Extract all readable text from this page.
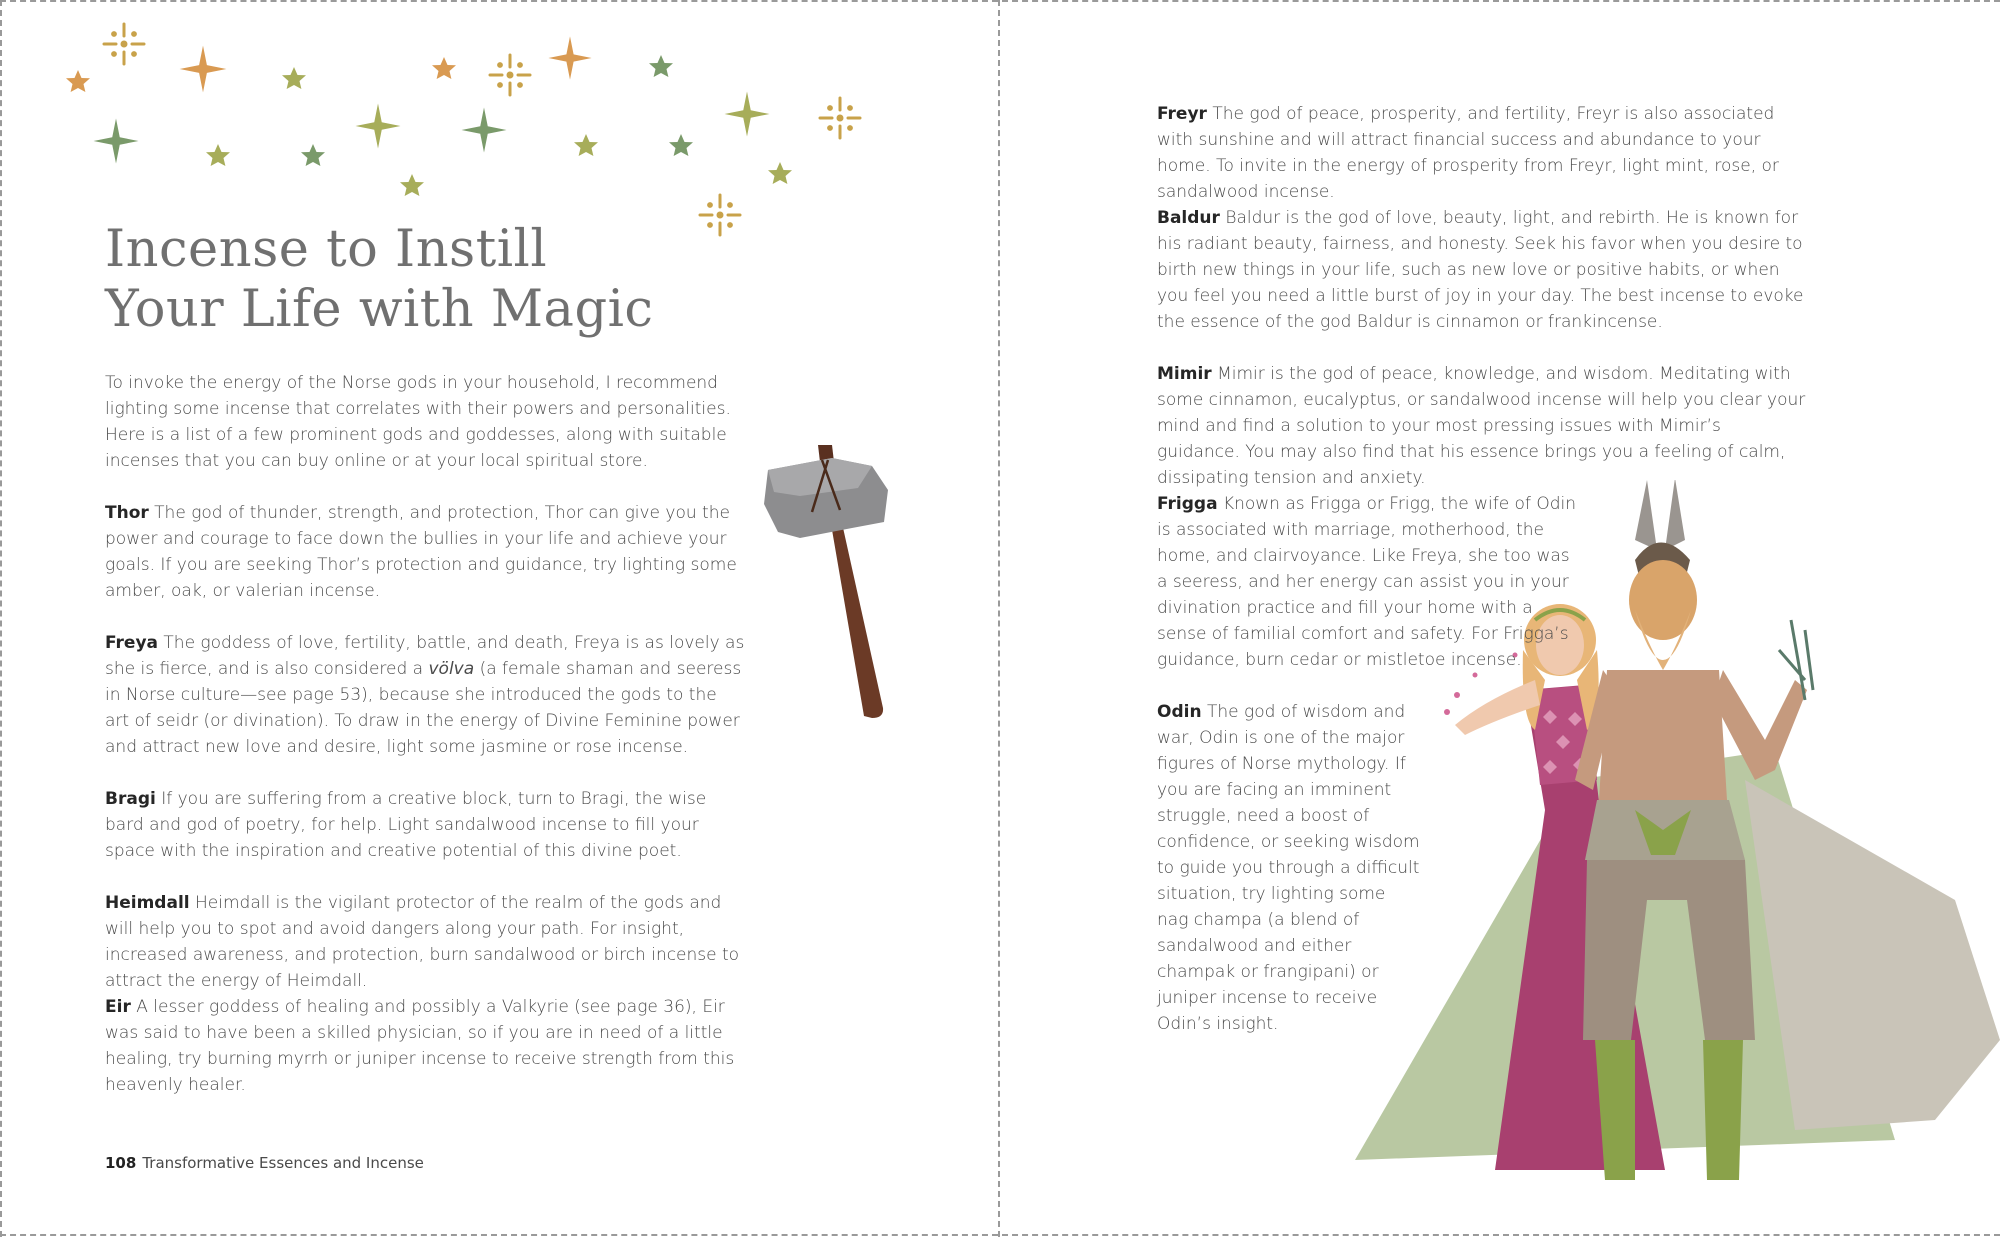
Incense to Instill
Your Life with Magic

To invoke the energy of the Norse gods in your household, I recommend lighting some incense that correlates with their powers and personalities. Here is a list of a few prominent gods and goddesses, along with suitable incenses that you can buy online or at your local spiritual store.

Thor The god of thunder, strength, and protection, Thor can give you the power and courage to face down the bullies in your life and achieve your goals. If you are seeking Thor’s protection and guidance, try lighting some amber, oak, or valerian incense.

Freya The goddess of love, fertility, battle, and death, Freya is as lovely as she is fierce, and is also considered a völva (a female shaman and seeress in Norse culture—see page 53), because she introduced the gods to the art of seidr (or divination). To draw in the energy of Divine Feminine power and attract new love and desire, light some jasmine or rose incense.

Bragi If you are suffering from a creative block, turn to Bragi, the wise bard and god of poetry, for help. Light sandalwood incense to fill your space with the inspiration and creative potential of this divine poet.

Heimdall Heimdall is the vigilant protector of the realm of the gods and will help you to spot and avoid dangers along your path. For insight, increased awareness, and protection, burn sandalwood or birch incense to attract the energy of Heimdall.

Eir A lesser goddess of healing and possibly a Valkyrie (see page 36), Eir was said to have been a skilled physician, so if you are in need of a little healing, try burning myrrh or juniper incense to receive strength from this heavenly healer.

108 Transformative Essences and Incense

Freyr The god of peace, prosperity, and fertility, Freyr is also associated with sunshine and will attract financial success and abundance to your home. To invite in the energy of prosperity from Freyr, light mint, rose, or sandalwood incense.

Baldur Baldur is the god of love, beauty, light, and rebirth. He is known for his radiant beauty, fairness, and honesty. Seek his favor when you desire to birth new things in your life, such as new love or positive habits, or when you feel you need a little burst of joy in your day. The best incense to evoke the essence of the god Baldur is cinnamon or frankincense.

Mimir Mimir is the god of peace, knowledge, and wisdom. Meditating with some cinnamon, eucalyptus, or sandalwood incense will help you clear your mind and find a solution to your most pressing issues with Mimir’s guidance. You may also find that his essence brings you a feeling of calm, dissipating tension and anxiety.

Frigga Known as Frigga or Frigg, the wife of Odin is associated with marriage, motherhood, the home, and clairvoyance. Like Freya, she too was a seeress, and her energy can assist you in your divination practice and fill your home with a sense of familial comfort and safety. For Frigga’s guidance, burn cedar or mistletoe incense.

Odin The god of wisdom and war, Odin is one of the major figures of Norse mythology. If you are facing an imminent struggle, need a boost of confidence, or seeking wisdom to guide you through a difficult situation, try lighting some nag champa (a blend of sandalwood and either champak or frangipani) or juniper incense to receive Odin’s insight.
